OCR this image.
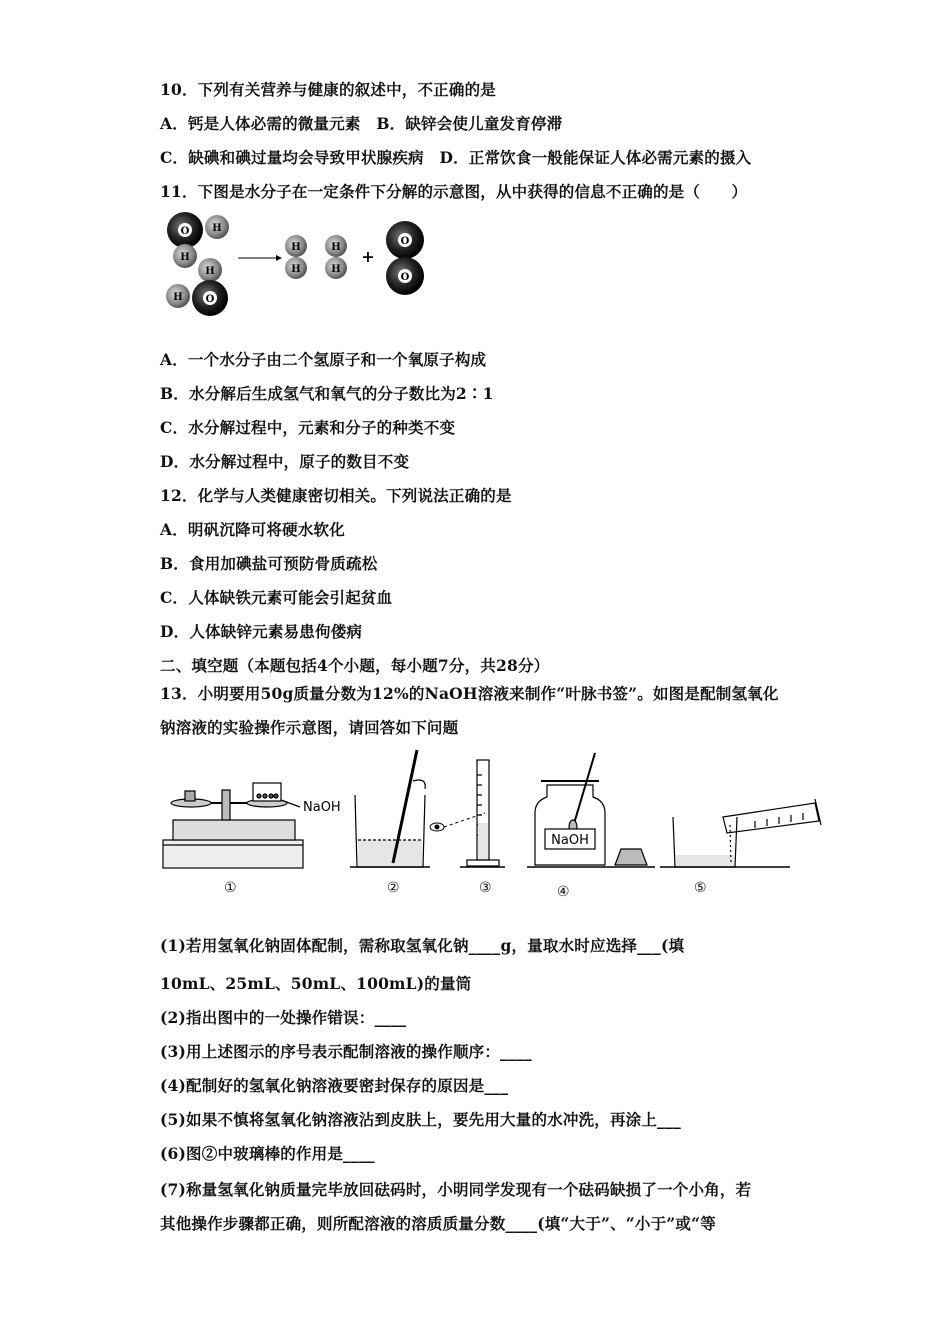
10．下列有关营养与健康的叙述中，不正确的是
A．钙是人体必需的微量元素　B．缺锌会使儿童发育停滞
C．缺碘和碘过量均会导致甲状腺疾病　D．正常饮食一般能保证人体必需元素的摄入
11．下图是水分子在一定条件下分解的示意图，从中获得的信息不正确的是（　　）
O H
H
H
H O
H
H
H
H
+
O
O
A．一个水分子由二个氢原子和一个氧原子构成
B．水分解后生成氢气和氧气的分子数比为2∶1
C．水分解过程中，元素和分子的种类不变
D．水分解过程中，原子的数目不变
12．化学与人类健康密切相关。下列说法正确的是
A．明矾沉降可将硬水软化
B．食用加碘盐可预防骨质疏松
C．人体缺铁元素可能会引起贫血
D．人体缺锌元素易患佝偻病
二、填空题（本题包括4个小题，每小题7分，共28分）
13．小明要用50g质量分数为12%的NaOH溶液来制作“叶脉书签”。如图是配制氢氧化
钠溶液的实验操作示意图，请回答如下问题
NaOH
NaOH
①	②	③	④	⑤
(1)若用氢氧化钠固体配制，需称取氢氧化钠____g，量取水时应选择___(填
10mL、25mL、50mL、100mL)的量筒
(2)指出图中的一处操作错误：____
(3)用上述图示的序号表示配制溶液的操作顺序：____
(4)配制好的氢氧化钠溶液要密封保存的原因是___
(5)如果不慎将氢氧化钠溶液沾到皮肤上，要先用大量的水冲洗，再涂上___
(6)图②中玻璃棒的作用是____
(7)称量氢氧化钠质量完毕放回砝码时，小明同学发现有一个砝码缺损了一个小角，若
其他操作步骤都正确，则所配溶液的溶质质量分数____(填“大于”、“小于”或“等
